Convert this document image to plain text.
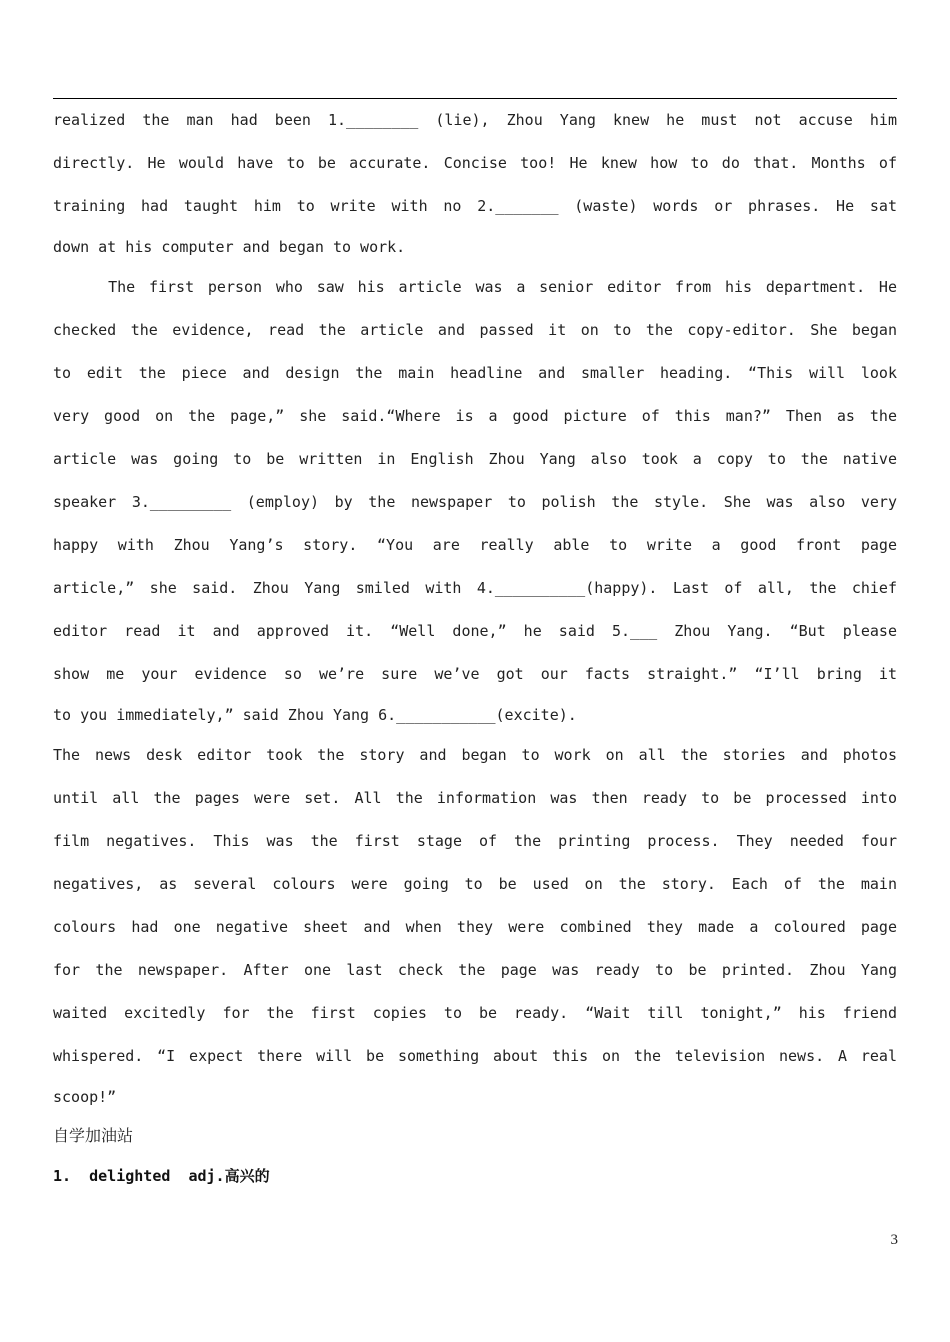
realized the man had been 1.________ (lie), Zhou Yang knew he must not accuse him
directly. He would have to be accurate. Concise too! He knew how to do that. Months of
training had taught him to write with no 2._______ (waste) words or phrases. He sat
down at his computer and began to work.
The first person who saw his article was a senior editor from his department. He
checked the evidence, read the article and passed it on to the copy-editor. She began
to edit the piece and design the main headline and smaller heading. “This will look
very good on the page,” she said.“Where is a good picture of this man?” Then as the
article was going to be written in English Zhou Yang also took a copy to the native
speaker 3._________ (employ) by the newspaper to polish the style. She was also very
happy with Zhou Yang’s story. “You are really able to write a good front page
article,” she said. Zhou Yang smiled with 4.__________(happy). Last of all, the chief
editor read it and approved it. “Well done,” he said 5.___ Zhou Yang. “But please
show me your evidence so we’re sure we’ve got our facts straight.” “I’ll bring it
to you immediately,” said Zhou Yang 6.___________(excite).
The news desk editor took the story and began to work on all the stories and photos
until all the pages were set. All the information was then ready to be processed into
film negatives. This was the first stage of the printing process. They needed four
negatives, as several colours were going to be used on the story. Each of the main
colours had one negative sheet and when they were combined they made a coloured page
for the newspaper. After one last check the page was ready to be printed. Zhou Yang
waited excitedly for the first copies to be ready. “Wait till tonight,” his friend
whispered. “I expect there will be something about this on the television news. A real
scoop!”
自学加油站
1.  delighted  adj.高兴的
3
